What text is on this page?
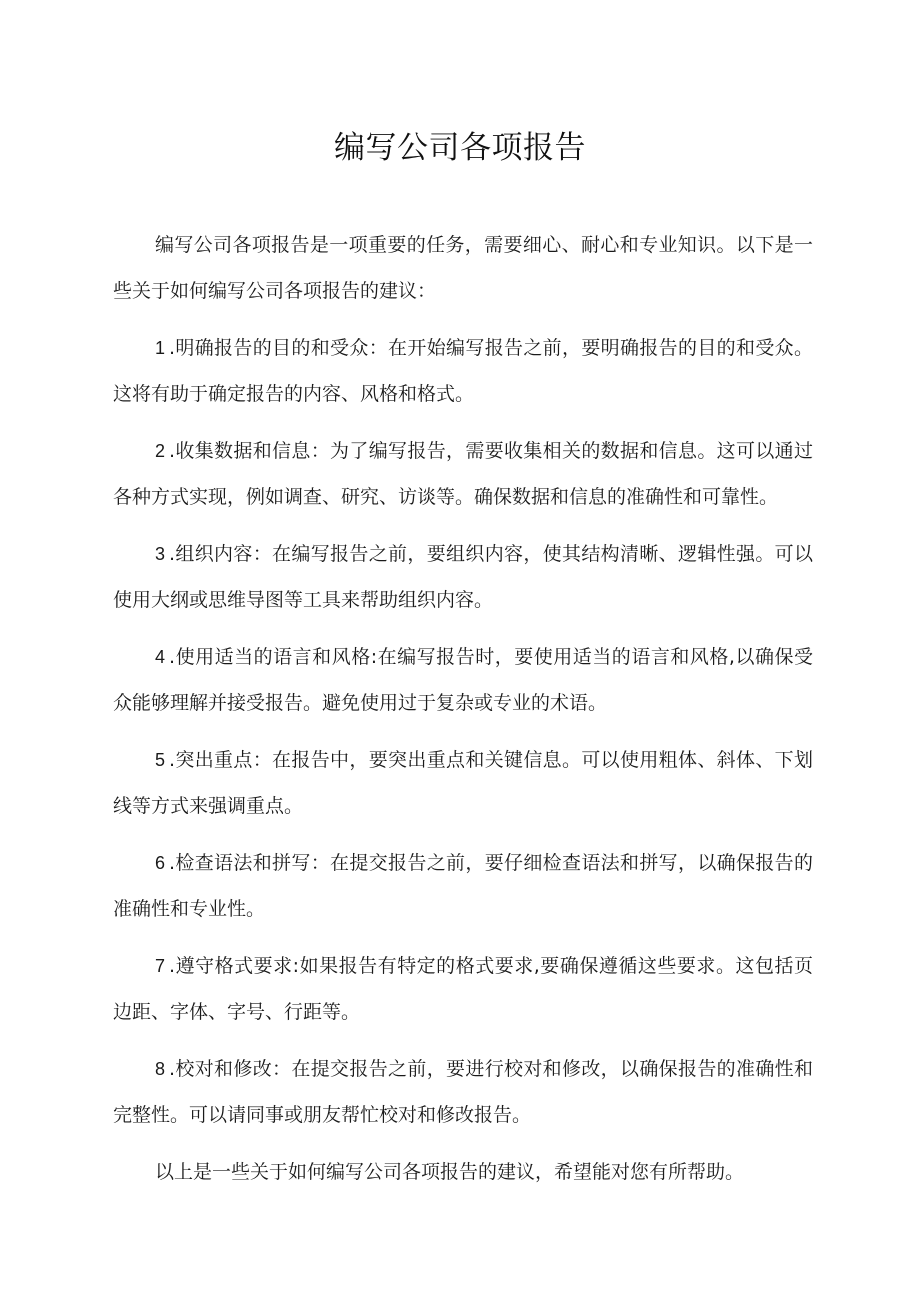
编写公司各项报告

编写公司各项报告是一项重要的任务，需要细心、耐心和专业知识。以下是一些关于如何编写公司各项报告的建议：

1 .明确报告的目的和受众：在开始编写报告之前，要明确报告的目的和受众。这将有助于确定报告的内容、风格和格式。

2 .收集数据和信息：为了编写报告，需要收集相关的数据和信息。这可以通过各种方式实现，例如调查、研究、访谈等。确保数据和信息的准确性和可靠性。

3 .组织内容：在编写报告之前，要组织内容，使其结构清晰、逻辑性强。可以使用大纲或思维导图等工具来帮助组织内容。

4 .使用适当的语言和风格:在编写报告时，要使用适当的语言和风格,以确保受众能够理解并接受报告。避免使用过于复杂或专业的术语。

5 .突出重点：在报告中，要突出重点和关键信息。可以使用粗体、斜体、下划线等方式来强调重点。

6 .检查语法和拼写：在提交报告之前，要仔细检查语法和拼写，以确保报告的准确性和专业性。

7 .遵守格式要求:如果报告有特定的格式要求,要确保遵循这些要求。这包括页边距、字体、字号、行距等。

8 .校对和修改：在提交报告之前，要进行校对和修改，以确保报告的准确性和完整性。可以请同事或朋友帮忙校对和修改报告。

以上是一些关于如何编写公司各项报告的建议，希望能对您有所帮助。
